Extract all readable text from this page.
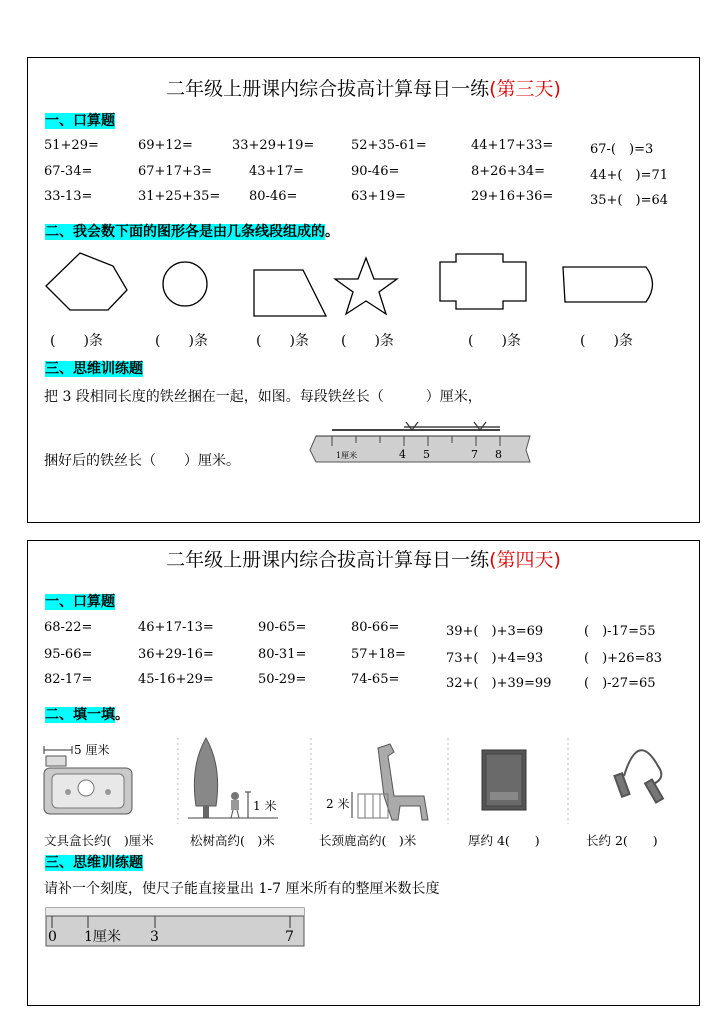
二年级上册课内综合拔高计算每日一练(第三天)
一、口算题
51+29=	69+12=	33+29+19=	52+35-61=	44+17+33=	67-(　)=3
67-34=	67+17+3=	43+17=	90-46=	8+26+34=	44+(　)=71
33-13=	31+25+35= 80-46=	63+19=	29+16+36=	35+(　)=64
二、我会数下面的图形各是由几条线段组成的。
(　　)条	(　　)条	(　　)条 (　　)条	(　　)条	(　　)条
三、思维训练题
把 3 段相同长度的铁丝捆在一起，如图。每段铁丝长（　　　）厘米，
捆好后的铁丝长（　　）厘米。	1厘米	4 5	7 8
二年级上册课内综合拔高计算每日一练(第四天)
一、口算题
68-22=	46+17-13=	90-65=	80-66=	39+(　)+3=69	(　)-17=55
95-66=	36+29-16=	80-31=	57+18=	73+(　)+4=93	(　)+26=83
82-17=	45-16+29=	50-29=	74-65=	32+(　)+39=99	(　)-27=65
二、填一填。
5 厘米
1 米	2 米
文具盒长约(　)厘米	松树高约(　)米	长颈鹿高约(　)米	厚约 4(　　)	长约 2(　　)
三、思维训练题
请补一个刻度，使尺子能直接量出 1-7 厘米所有的整厘米数长度
0 1厘米 3	7
